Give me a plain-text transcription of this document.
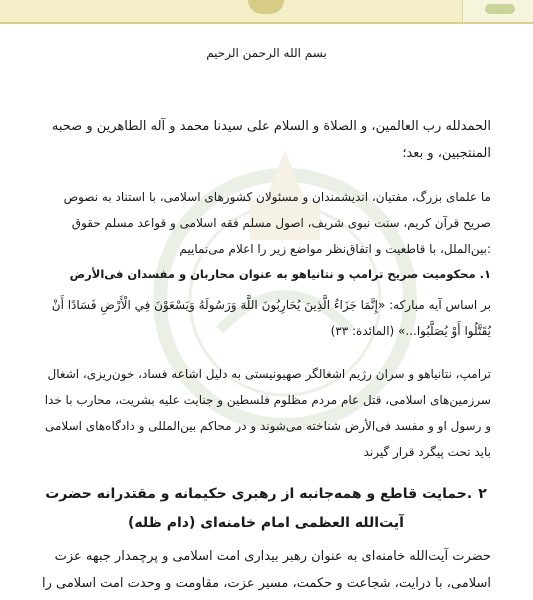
بسم الله الرحمن الرحیم
الحمدلله رب العالمین، و الصلاة و السلام علی سیدنا محمد و آله الطاهرین و صحبه المنتجبین، و بعد؛
ما علمای بزرگ، مفتیان، اندیشمندان و مسئولان کشورهای اسلامی، با استناد به نصوص صریح قرآن کریم، سنت نبوی شریف، اصول مسلم فقه اسلامی و قواعد مسلم حقوق :بین‌الملل، با قاطعیت و اتفاق‌نظر مواضع زیر را اعلام می‌نماییم
۱. محکومیت صریح ترامپ و نتانیاهو به عنوان محاربان و مفسدان فی‌الأرض
بر اساس آیه مبارکه: «إِنَّمَا جَزَاءُ الَّذِينَ يُحَارِبُونَ اللَّهَ وَرَسُولَهُ وَيَسْعَوْنَ فِي الْأَرْضِ فَسَادًا أَنْ يُقَتَّلُوا أَوْ يُصَلَّبُوا...» (المائدة: ۳۳)
ترامپ، نتانیاهو و سران رژیم اشغالگر صهیونیستی به دلیل اشاعه فساد، خون‌ریزی، اشغال سرزمین‌های اسلامی، قتل عام مردم مظلوم فلسطین و جنایت علیه بشریت، محارب با خدا و رسول او و مفسد فی‌الأرض شناخته می‌شوند و در محاکم بین‌المللی و دادگاه‌های اسلامی باید تحت پیگرد قرار گیرند
۲.حمایت قاطع و همه‌جانبه از رهبری حکیمانه و مقتدرانه حضرت آیت‌الله العظمی امام خامنه‌ای (دام ظله)
حضرت آیت‌الله خامنه‌ای به عنوان رهبر بیداری امت اسلامی و پرچمدار جبهه عزت اسلامی، با درایت، شجاعت و حکمت، مسیر عزت، مقاومت و وحدت امت اسلامی را
